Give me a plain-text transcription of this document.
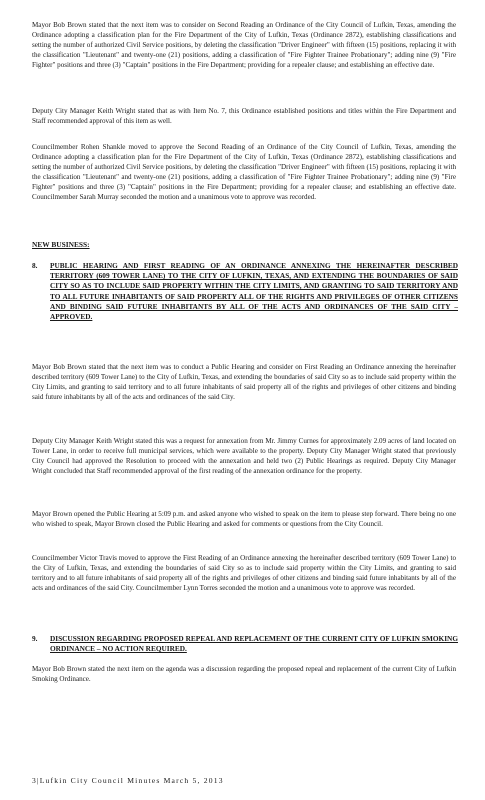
Mayor Bob Brown stated that the next item was to consider on Second Reading an Ordinance of the City Council of Lufkin, Texas, amending the Ordinance adopting a classification plan for the Fire Department of the City of Lufkin, Texas (Ordinance 2872), establishing classifications and setting the number of authorized Civil Service positions, by deleting the classification "Driver Engineer" with fifteen (15) positions, replacing it with the classification "Lieutenant" and twenty-one (21) positions, adding a classification of "Fire Fighter Trainee Probationary"; adding nine (9) "Fire Fighter" positions and three (3) "Captain" positions in the Fire Department; providing for a repealer clause; and establishing an effective date.

Deputy City Manager Keith Wright stated that as with Item No. 7, this Ordinance established positions and titles within the Fire Department and Staff recommended approval of this item as well.

Councilmember Rohen Shankle moved to approve the Second Reading of an Ordinance of the City Council of Lufkin, Texas, amending the Ordinance adopting a classification plan for the Fire Department of the City of Lufkin, Texas (Ordinance 2872), establishing classifications and setting the number of authorized Civil Service positions, by deleting the classification "Driver Engineer" with fifteen (15) positions, replacing it with the classification "Lieutenant" and twenty-one (21) positions, adding a classification of "Fire Fighter Trainee Probationary"; adding nine (9) "Fire Fighter" positions and three (3) "Captain" positions in the Fire Department; providing for a repealer clause; and establishing an effective date. Councilmember Sarah Murray seconded the motion and a unanimous vote to approve was recorded.

NEW BUSINESS:

8.	PUBLIC HEARING AND FIRST READING OF AN ORDINANCE ANNEXING THE HEREINAFTER DESCRIBED TERRITORY (609 TOWER LANE) TO THE CITY OF LUFKIN, TEXAS, AND EXTENDING THE BOUNDARIES OF SAID CITY SO AS TO INCLUDE SAID PROPERTY WITHIN THE CITY LIMITS, AND GRANTING TO SAID TERRITORY AND TO ALL FUTURE INHABITANTS OF SAID PROPERTY ALL OF THE RIGHTS AND PRIVILEGES OF OTHER CITIZENS AND BINDING SAID FUTURE INHABITANTS BY ALL OF THE ACTS AND ORDINANCES OF THE SAID CITY – APPROVED.

Mayor Bob Brown stated that the next item was to conduct a Public Hearing and consider on First Reading an Ordinance annexing the hereinafter described territory (609 Tower Lane) to the City of Lufkin, Texas, and extending the boundaries of said City so as to include said property within the City Limits, and granting to said territory and to all future inhabitants of said property all of the rights and privileges of other citizens and binding said future inhabitants by all of the acts and ordinances of the said City.

Deputy City Manager Keith Wright stated this was a request for annexation from Mr. Jimmy Curnes for approximately 2.09 acres of land located on Tower Lane, in order to receive full municipal services, which were available to the property. Deputy City Manager Wright stated that previously City Council had approved the Resolution to proceed with the annexation and held two (2) Public Hearings as required. Deputy City Manager Wright concluded that Staff recommended approval of the first reading of the annexation ordinance for the property.

Mayor Brown opened the Public Hearing at 5:09 p.m. and asked anyone who wished to speak on the item to please step forward. There being no one who wished to speak, Mayor Brown closed the Public Hearing and asked for comments or questions from the City Council.

Councilmember Victor Travis moved to approve the First Reading of an Ordinance annexing the hereinafter described territory (609 Tower Lane) to the City of Lufkin, Texas, and extending the boundaries of said City so as to include said property within the City Limits, and granting to said territory and to all future inhabitants of said property all of the rights and privileges of other citizens and binding said future inhabitants by all of the acts and ordinances of the said City. Councilmember Lynn Torres seconded the motion and a unanimous vote to approve was recorded.

9.	DISCUSSION REGARDING PROPOSED REPEAL AND REPLACEMENT OF THE CURRENT CITY OF LUFKIN SMOKING ORDINANCE – NO ACTION REQUIRED.

Mayor Bob Brown stated the next item on the agenda was a discussion regarding the proposed repeal and replacement of the current City of Lufkin Smoking Ordinance.

3|Lufkin City Council Minutes March 5, 2013
